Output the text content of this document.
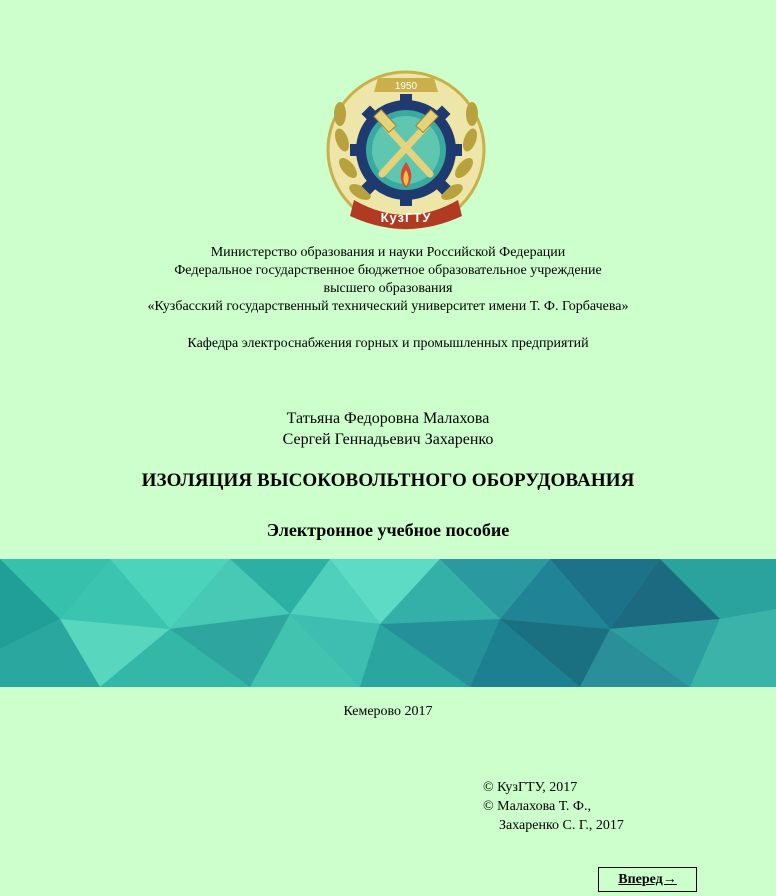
1950
КузГТУ
Министерство образования и науки Российской Федерации
Федеральное государственное бюджетное образовательное учреждение
высшего образования
«Кузбасский государственный технический университет имени Т. Ф. Горбачева»
Кафедра электроснабжения горных и промышленных предприятий
Татьяна Федоровна Малахова
Сергей Геннадьевич Захаренко
ИЗОЛЯЦИЯ ВЫСОКОВОЛЬТНОГО ОБОРУДОВАНИЯ
Электронное учебное пособие
Кемерово 2017
© КузГТУ, 2017
© Малахова Т. Ф.,
Захаренко С. Г., 2017
Вперед→
